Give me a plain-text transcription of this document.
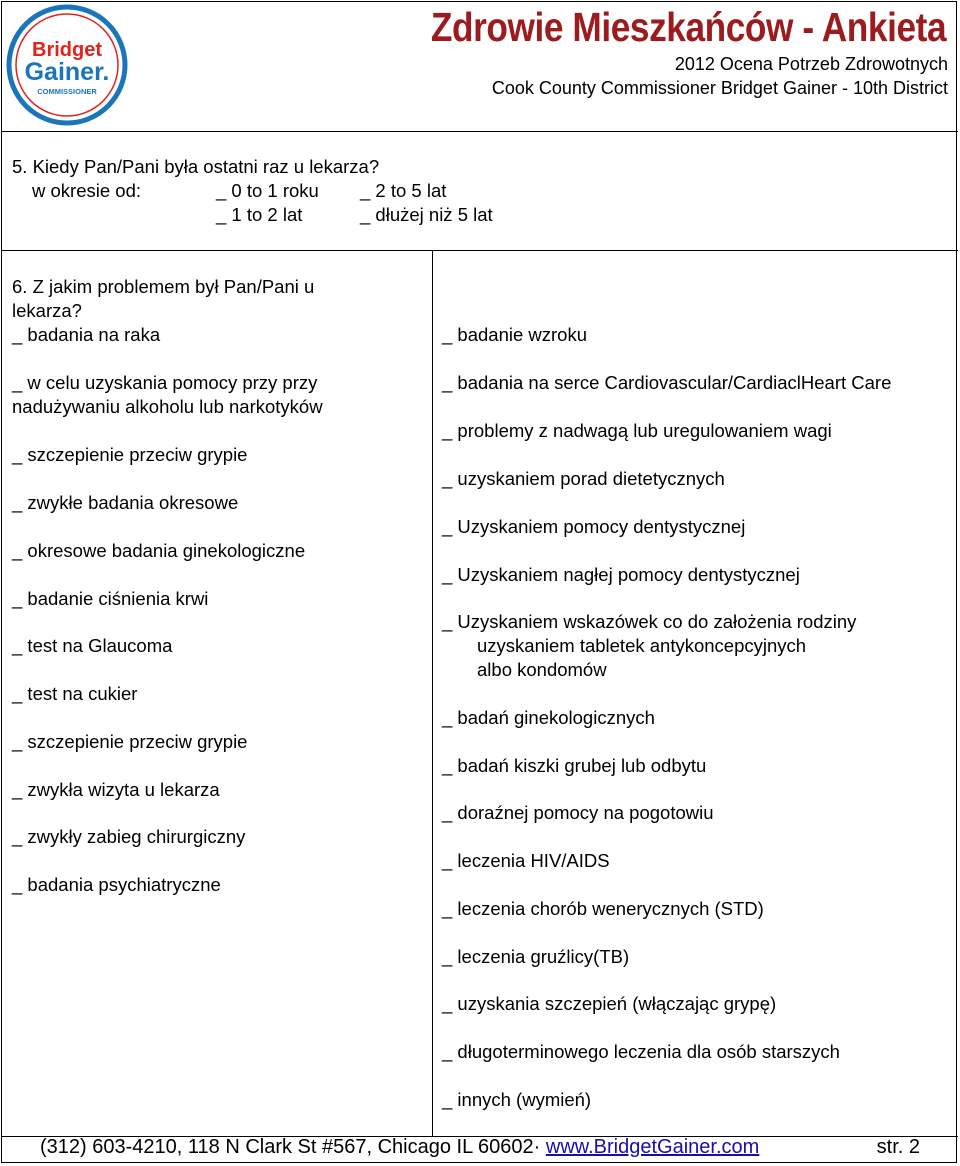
Bridget
Gainer.
COMMISSIONER
Zdrowie Mieszkańców - Ankieta
2012 Ocena Potrzeb Zdrowotnych
Cook County Commissioner Bridget Gainer - 10th District
5. Kiedy Pan/Pani była ostatni raz u lekarza?
w okresie od:	_ 0 to 1 roku _ 2 to 5 lat
_ 1 to 2 lat	_ dłużej niż 5 lat
6. Z jakim problemem był Pan/Pani u
lekarza?
_ badania na raka
_ w celu uzyskania pomocy przy przy
nadużywaniu alkoholu lub narkotyków
_ szczepienie przeciw grypie
_ zwykłe badania okresowe
_ okresowe badania ginekologiczne
_ badanie ciśnienia krwi
_ test na Glaucoma
_ test na cukier
_ szczepienie przeciw grypie
_ zwykła wizyta u lekarza
_ zwykły zabieg chirurgiczny
_ badania psychiatryczne
_ badanie wzroku
_ badania na serce Cardiovascular/CardiaclHeart Care
_ problemy z nadwagą lub uregulowaniem wagi
_ uzyskaniem porad dietetycznych
_ Uzyskaniem pomocy dentystycznej
_ Uzyskaniem nagłej pomocy dentystycznej
_ Uzyskaniem wskazówek co do założenia rodziny
uzyskaniem tabletek antykoncepcyjnych
albo kondomów
_ badań ginekologicznych
_ badań kiszki grubej lub odbytu
_ doraźnej pomocy na pogotowiu
_ leczenia HIV/AIDS
_ leczenia chorób wenerycznych (STD)
_ leczenia gruźlicy(TB)
_ uzyskania szczepień (włączając grypę)
_ długoterminowego leczenia dla osób starszych
_ innych (wymień)
(312) 603-4210, 118 N Clark St #567, Chicago IL 60602· www.BridgetGainer.com	str. 2
